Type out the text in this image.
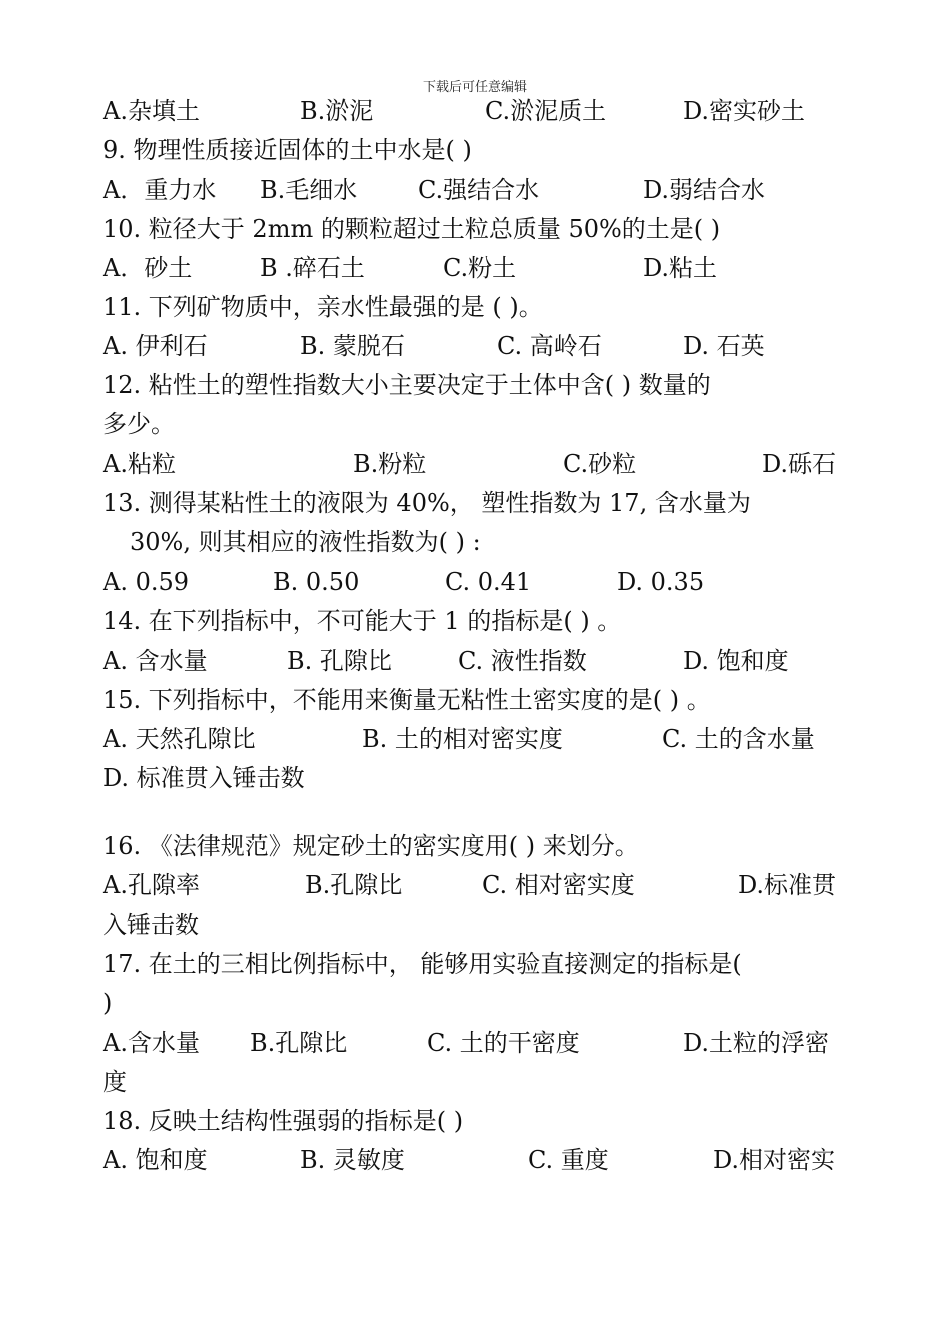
下载后可任意编辑
A.杂填土	B.淤泥	C.淤泥质土	D.密实砂土
9. 物理性质接近固体的土中水是( )
A．重力水 B.毛细水	C.强结合水	D.弱结合水
10. 粒径大于 2mm 的颗粒超过土粒总质量 50%的土是( )
A．砂土	B .碎石土	C.粉土	D.粘土
11. 下列矿物质中，亲水性最强的是 ( )。
A. 伊利石	B. 蒙脱石	C. 高岭石	D. 石英
12. 粘性土的塑性指数大小主要决定于土体中含( ) 数量的
多少。
A.粘粒	B.粉粒	C.砂粒	D.砾石
13. 测得某粘性土的液限为 40%， 塑性指数为 17, 含水量为
30%, 则其相应的液性指数为( ) :
A. 0.59	B. 0.50	C. 0.41	D. 0.35
14. 在下列指标中，不可能大于 1 的指标是( ) 。
A. 含水量	B. 孔隙比	C. 液性指数	D. 饱和度
15. 下列指标中，不能用来衡量无粘性土密实度的是( ) 。
A. 天然孔隙比	B. 土的相对密实度	C. 土的含水量
D. 标准贯入锤击数
16. 《法律规范》规定砂土的密实度用( ) 来划分。
A.孔隙率	B.孔隙比	C. 相对密实度	D.标准贯
入锤击数
17. 在土的三相比例指标中， 能够用实验直接测定的指标是(
)
A.含水量 B.孔隙比	C. 土的干密度	D.土粒的浮密
度
18. 反映土结构性强弱的指标是( )
A. 饱和度	B. 灵敏度	C. 重度	D.相对密实
